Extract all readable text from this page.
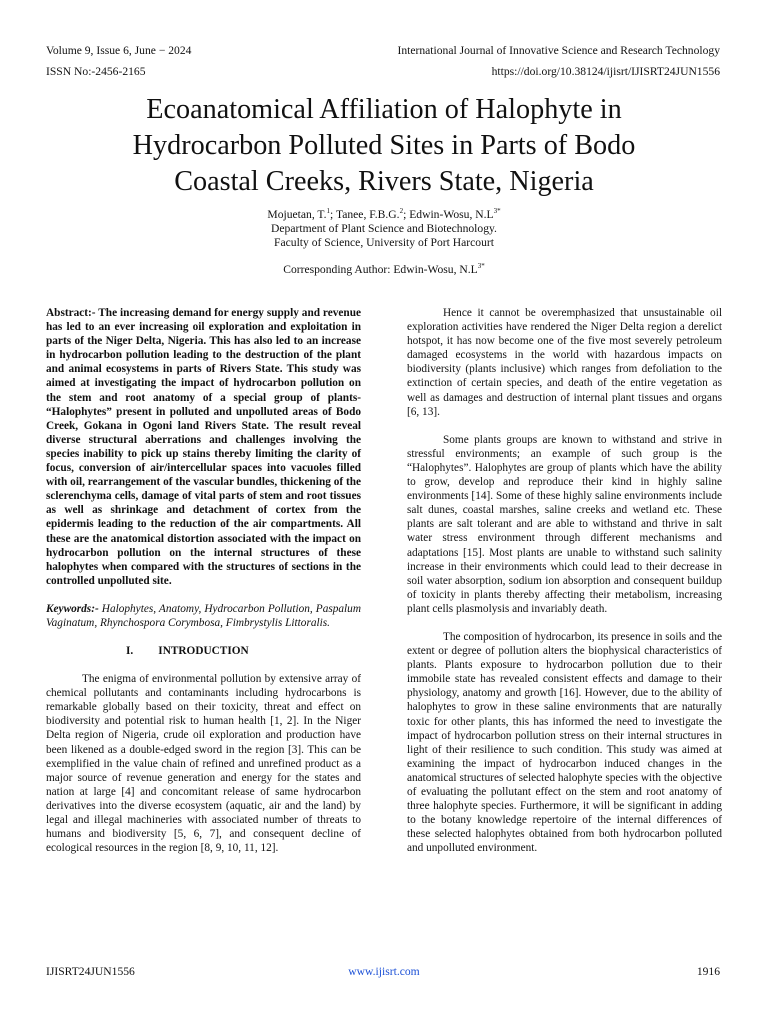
Volume 9, Issue 6, June − 2024	International Journal of Innovative Science and Research Technology
ISSN No:-2456-2165	https://doi.org/10.38124/ijisrt/IJISRT24JUN1556
Ecoanatomical Affiliation of Halophyte in
Hydrocarbon Polluted Sites in Parts of Bodo
Coastal Creeks, Rivers State, Nigeria
Mojuetan, T.$^1$; Tanee, F.B.G.$^2$; Edwin-Wosu, $N.L^{3*}$
Department of Plant Science and Biotechnology.
Faculty of Science, University of Port Harcourt
Corresponding Author: Edwin-Wosu, $N.L^{3*}$

Abstract:- The increasing demand for energy supply and revenue has led to an ever increasing oil exploration and exploitation in parts of the Niger Delta, Nigeria. This has also led to an increase in hydrocarbon pollution leading to the destruction of the plant and animal ecosystems in parts of Rivers State. This study was aimed at investigating the impact of hydrocarbon pollution on the stem and root anatomy of a special group of plants- “Halophytes” present in polluted and unpolluted areas of Bodo Creek, Gokana in Ogoni land Rivers State. The result reveal diverse structural aberrations and challenges involving the species inability to pick up stains thereby limiting the clarity of focus, conversion of air/intercellular spaces into vacuoles filled with oil, rearrangement of the vascular bundles, thickening of the sclerenchyma cells, damage of vital parts of stem and root tissues as well as shrinkage and detachment of cortex from the epidermis leading to the reduction of the air compartments. All these are the anatomical distortion associated with the impact on hydrocarbon pollution on the internal structures of these halophytes when compared with the structures of sections in the controlled unpolluted site.

Keywords:- Halophytes, Anatomy, Hydrocarbon Pollution, Paspalum Vaginatum, Rhynchospora Corymbosa, Fimbrystylis Littoralis.

I. INTRODUCTION

The enigma of environmental pollution by extensive array of chemical pollutants and contaminants including hydrocarbons is remarkable globally based on their toxicity, threat and effect on biodiversity and potential risk to human health [1, 2]. In the Niger Delta region of Nigeria, crude oil exploration and production have been likened as a double-edged sword in the region [3]. This can be exemplified in the value chain of refined and unrefined product as a major source of revenue generation and energy for the states and nation at large [4] and concomitant release of same hydrocarbon derivatives into the diverse ecosystem (aquatic, air and the land) by legal and illegal machineries with associated number of threats to humans and biodiversity [5, 6, 7], and consequent decline of ecological resources in the region [8, 9, 10, 11, 12].

Hence it cannot be overemphasized that unsustainable oil exploration activities have rendered the Niger Delta region a derelict hotspot, it has now become one of the five most severely petroleum damaged ecosystems in the world with hazardous impacts on biodiversity (plants inclusive) which ranges from defoliation to the extinction of certain species, and death of the entire vegetation as well as damages and destruction of internal plant tissues and organs [6, 13].

Some plants groups are known to withstand and strive in stressful environments; an example of such group is the “Halophytes”. Halophytes are group of plants which have the ability to grow, develop and reproduce their kind in highly saline environments [14]. Some of these highly saline environments include salt dunes, coastal marshes, saline creeks and wetland etc. These plants are salt tolerant and are able to withstand and thrive in salt water stress environment through different mechanisms and adaptations [15]. Most plants are unable to withstand such salinity increase in their environments which could lead to their decrease in soil water absorption, sodium ion absorption and consequent buildup of toxicity in plants thereby affecting their metabolism, increasing plant cells plasmolysis and invariably death.

The composition of hydrocarbon, its presence in soils and the extent or degree of pollution alters the biophysical characteristics of plants. Plants exposure to hydrocarbon pollution due to their immobile state has revealed consistent effects and damage to their physiology, anatomy and growth [16]. However, due to the ability of halophytes to grow in these saline environments that are naturally toxic for other plants, this has informed the need to investigate the impact of hydrocarbon pollution stress on their internal structures in light of their resilience to such condition. This study was aimed at examining the impact of hydrocarbon induced changes in the anatomical structures of selected halophyte species with the objective of evaluating the pollutant effect on the stem and root anatomy of three halophyte species. Furthermore, it will be significant in adding to the botany knowledge repertoire of the internal differences of these selected halophytes obtained from both hydrocarbon polluted and unpolluted environment.

IJISRT24JUN1556	www.ijisrt.com	1916
